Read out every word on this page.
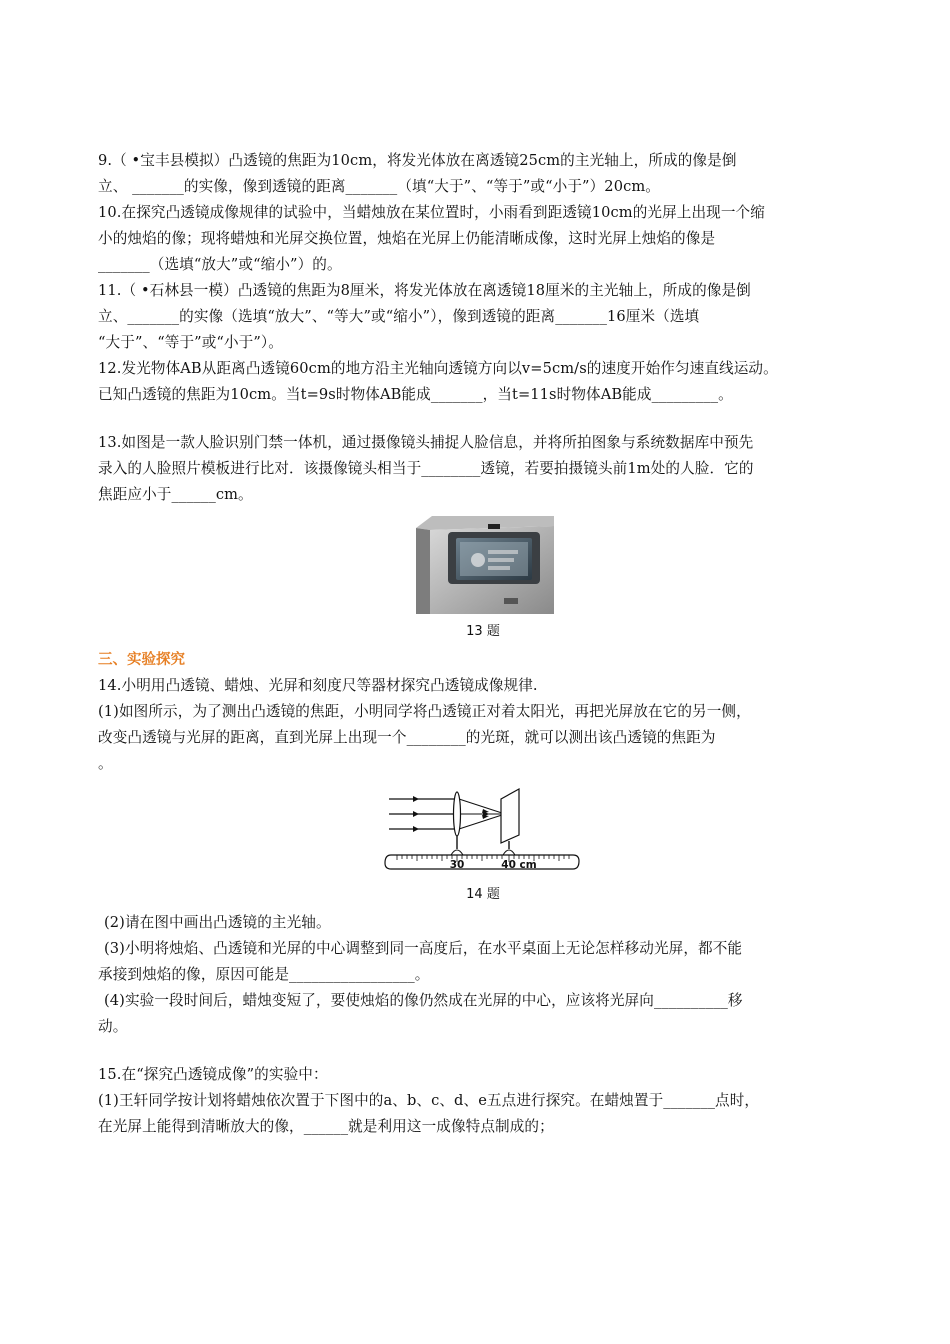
9.（ •宝丰县模拟）凸透镜的焦距为10cm，将发光体放在离透镜25cm的主光轴上，所成的像是倒

立、 _______的实像，像到透镜的距离_______（填“大于”、“等于”或“小于”）20cm。

10.在探究凸透镜成像规律的试验中，当蜡烛放在某位置时，小雨看到距透镜10cm的光屏上出现一个缩

小的烛焰的像；现将蜡烛和光屏交换位置，烛焰在光屏上仍能清晰成像，这时光屏上烛焰的像是

_______（选填“放大”或“缩小”）的。

11.（ •石林县一模）凸透镜的焦距为8厘米，将发光体放在离透镜18厘米的主光轴上，所成的像是倒

立、_______的实像（选填“放大”、“等大”或“缩小”），像到透镜的距离_______16厘米（选填

“大于”、“等于”或“小于”）。

12.发光物体AB从距离凸透镜60cm的地方沿主光轴向透镜方向以v=5cm/s的速度开始作匀速直线运动。

已知凸透镜的焦距为10cm。当t=9s时物体AB能成_______，当t=11s时物体AB能成_________。

13.如图是一款人脸识别门禁一体机，通过摄像镜头捕捉人脸信息，并将所拍图象与系统数据库中预先

录入的人脸照片模板进行比对．该摄像镜头相当于________透镜，若要拍摄镜头前1m处的人脸．它的

焦距应小于______cm。

13 题

三、实验探究

14.小明用凸透镜、蜡烛、光屏和刻度尺等器材探究凸透镜成像规律.

(1)如图所示，为了测出凸透镜的焦距，小明同学将凸透镜正对着太阳光，再把光屏放在它的另一侧，

改变凸透镜与光屏的距离，直到光屏上出现一个________的光斑，就可以测出该凸透镜的焦距为

。

30	40 cm
14 题

(2)请在图中画出凸透镜的主光轴。

(3)小明将烛焰、凸透镜和光屏的中心调整到同一高度后，在水平桌面上无论怎样移动光屏，都不能

承接到烛焰的像，原因可能是_________________。

(4)实验一段时间后，蜡烛变短了，要使烛焰的像仍然成在光屏的中心，应该将光屏向__________移

动。

15.在“探究凸透镜成像”的实验中：

(1)王轩同学按计划将蜡烛依次置于下图中的a、b、c、d、e五点进行探究。在蜡烛置于_______点时，

在光屏上能得到清晰放大的像，______就是利用这一成像特点制成的；
